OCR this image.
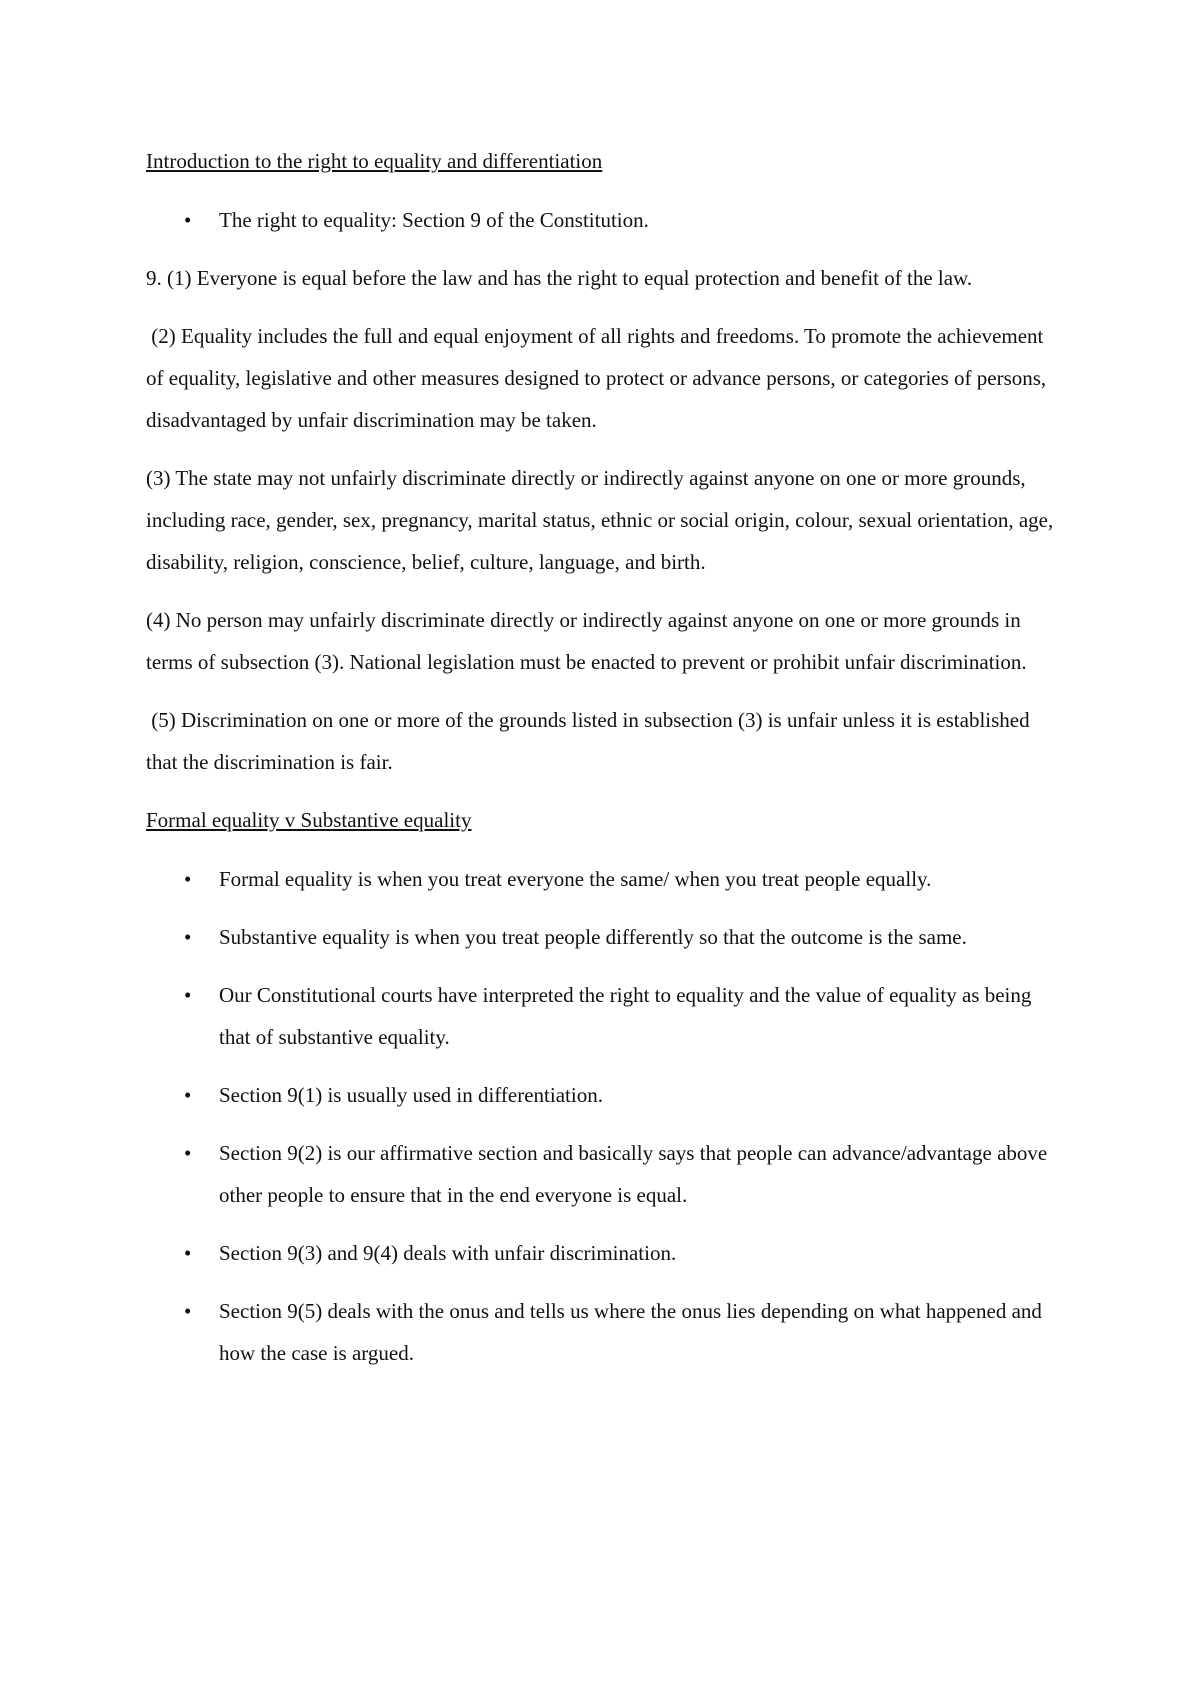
Introduction to the right to equality and differentiation
• The right to equality: Section 9 of the Constitution.

9. (1) Everyone is equal before the law and has the right to equal protection and benefit of the law.

(2) Equality includes the full and equal enjoyment of all rights and freedoms. To promote the achievement of equality, legislative and other measures designed to protect or advance persons, or categories of persons, disadvantaged by unfair discrimination may be taken.

(3) The state may not unfairly discriminate directly or indirectly against anyone on one or more grounds, including race, gender, sex, pregnancy, marital status, ethnic or social origin, colour, sexual orientation, age, disability, religion, conscience, belief, culture, language, and birth.

(4) No person may unfairly discriminate directly or indirectly against anyone on one or more grounds in terms of subsection (3). National legislation must be enacted to prevent or prohibit unfair discrimination.

(5) Discrimination on one or more of the grounds listed in subsection (3) is unfair unless it is established that the discrimination is fair.

Formal equality v Substantive equality
• Formal equality is when you treat everyone the same/ when you treat people equally.
• Substantive equality is when you treat people differently so that the outcome is the same.
• Our Constitutional courts have interpreted the right to equality and the value of equality as being that of substantive equality.
• Section 9(1) is usually used in differentiation.
• Section 9(2) is our affirmative section and basically says that people can advance/advantage above other people to ensure that in the end everyone is equal.
• Section 9(3) and 9(4) deals with unfair discrimination.
• Section 9(5) deals with the onus and tells us where the onus lies depending on what happened and how the case is argued.
